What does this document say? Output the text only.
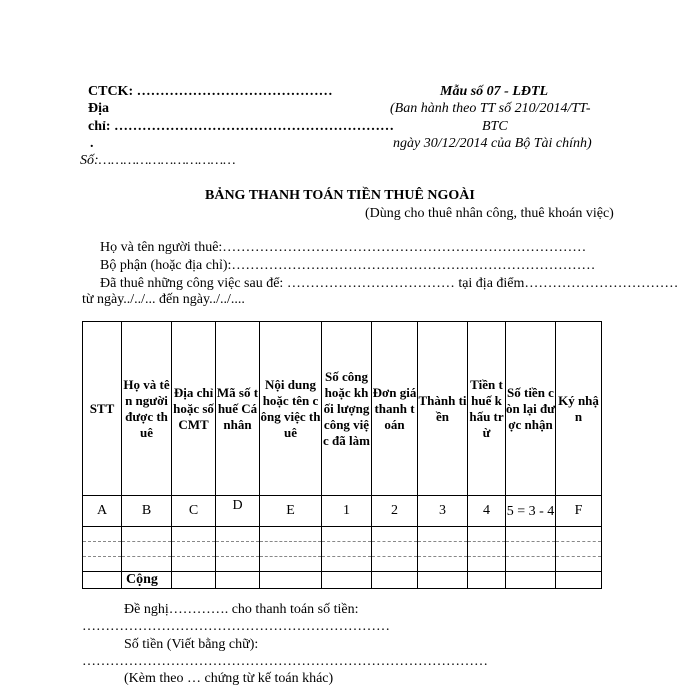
CTCK: ……………………………………
Địa
chỉ: ……………………………………………………
.
Số:……………………………
Mẫu số 07 - LĐTL
(Ban hành theo TT số 210/2014/TT-
BTC
ngày 30/12/2014 của Bộ Tài chính)
BẢNG THANH TOÁN TIỀN THUÊ NGOÀI
(Dùng cho thuê nhân công, thuê khoán việc)
Họ và tên người thuê:……………………………………………………………………
Bộ phận (hoặc địa chỉ):……………………………………………………………………
Đã thuê những công việc sau để: ……………………………… tại địa điểm……………………………
từ ngày../../... đến ngày../../....
STT	Họ và tên người được thuê	Địa chỉ hoặc số CMT	Mã số thuế Cá nhân	Nội dung hoặc tên công việc thuê	Số công hoặc khối lượng công việc đã làm	Đơn giá thanh toán	Thành tiền	Tiền thuế khấu trừ	Số tiền còn lại được nhận	Ký nhận
A	B	C	D	E	1	2	3	4	5 = 3 - 4	F

	Cộng									
Đề nghị…………. cho thanh toán số tiền:
…………………………………………………………
Số tiền (Viết bằng chữ):
……………………………………………………………………………
(Kèm theo … chứng từ kế toán khác)
